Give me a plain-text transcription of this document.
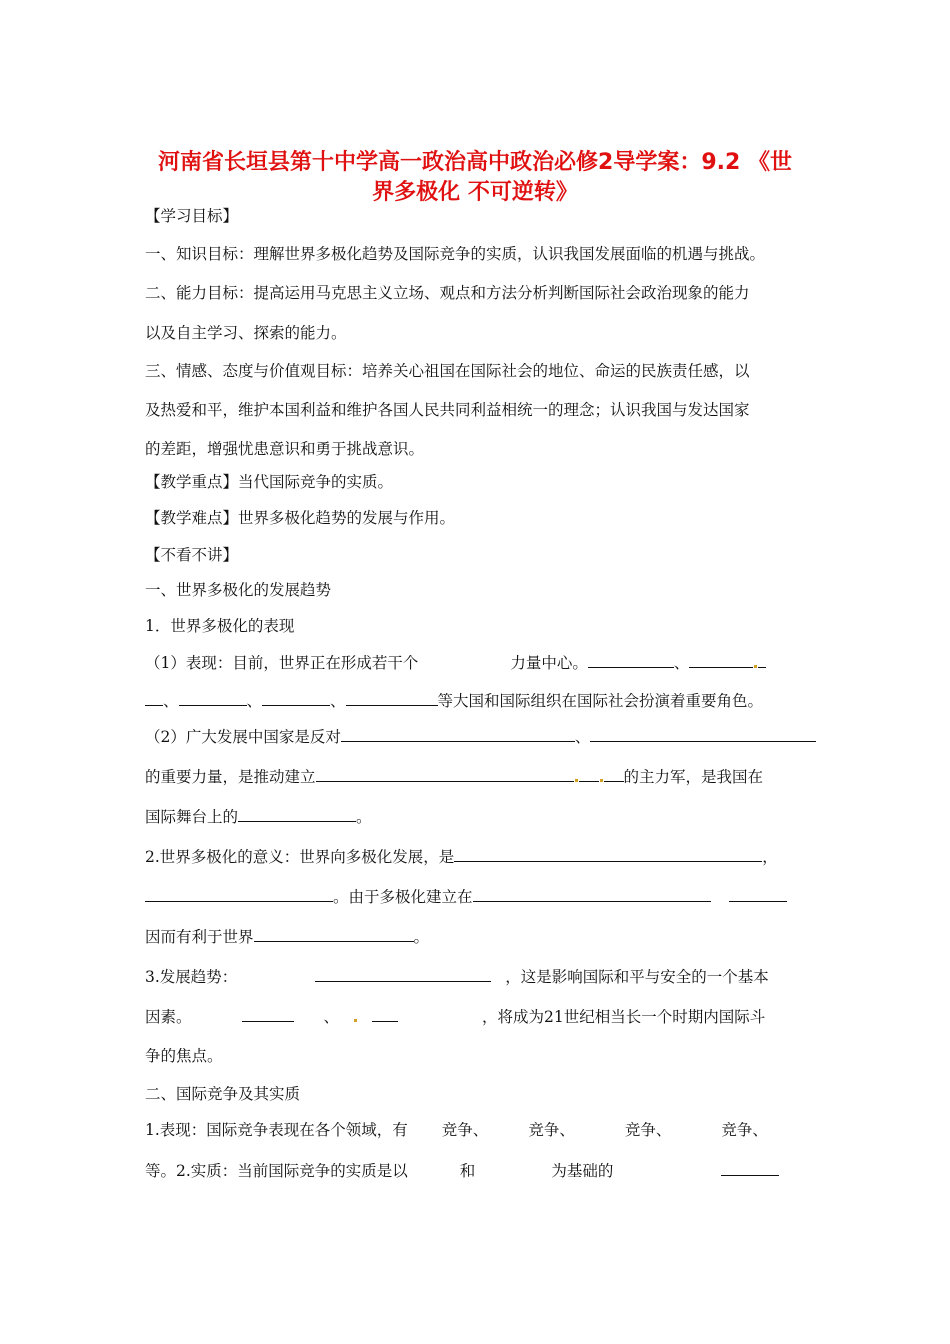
河南省长垣县第十中学高一政治高中政治必修2导学案：9.2 《世
界多极化 不可逆转》
【学习目标】
一、知识目标：理解世界多极化趋势及国际竞争的实质，认识我国发展面临的机遇与挑战。
二、能力目标：提高运用马克思主义立场、观点和方法分析判断国际社会政治现象的能力
以及自主学习、探索的能力。
三、情感、态度与价值观目标：培养关心祖国在国际社会的地位、命运的民族责任感，以
及热爱和平，维护本国利益和维护各国人民共同利益相统一的理念；认识我国与发达国家
的差距，增强忧患意识和勇于挑战意识。
【教学重点】当代国际竞争的实质。
【教学难点】世界多极化趋势的发展与作用。
【不看不讲】
一、世界多极化的发展趋势
1．世界多极化的表现
（1）表现：目前，世界正在形成若干个	力量中心。	、
、	、	、	等大国和国际组织在国际社会扮演着重要角色。
（2）广大发展中国家是反对	、
的重要力量，是推动建立	的主力军，是我国在
国际舞台上的	。
2.世界多极化的意义：世界向多极化发展，是	，
。由于多极化建立在
因而有利于世界	。
3.发展趋势：	，这是影响国际和平与安全的一个基本
因素。	、	，将成为21世纪相当长一个时期内国际斗
争的焦点。
二、国际竞争及其实质
1.表现：国际竞争表现在各个领域，有 竞争、	竞争、	竞争、	竞争、
等。2.实质：当前国际竞争的实质是以	和	为基础的
